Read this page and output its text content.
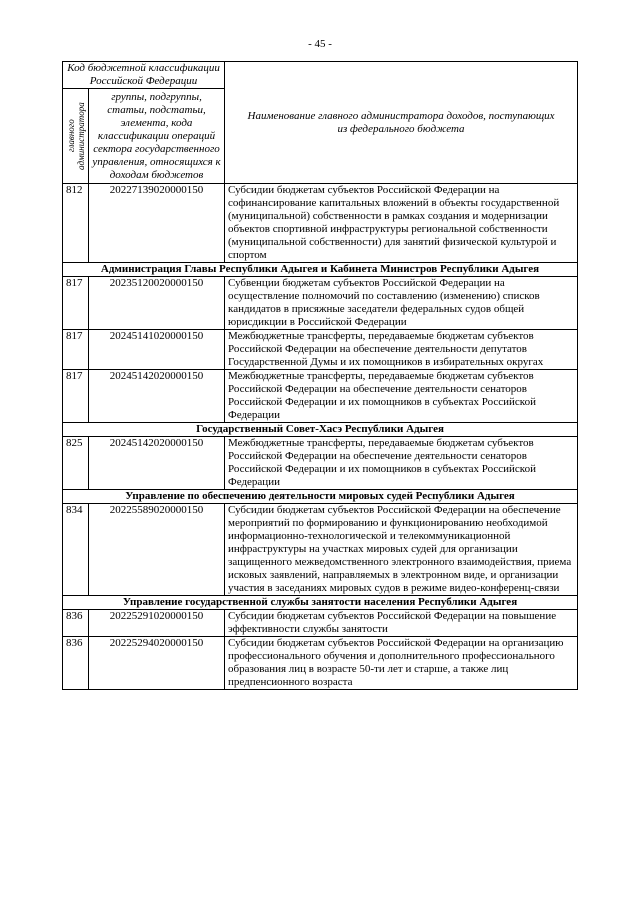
- 45 -
Код бюджетной классификации Российской Федерации		Наименование главного администратора доходов, поступающих из федерального бюджета

главного администратора	группы, подгруппы, статьи, подстатьи, элемента, кода классификации операций сектора государственного управления, относящихся к доходам бюджетов	
812	20227139020000150	Субсидии бюджетам субъектов Российской Федерации на софинансирование капитальных вложений в объекты государственной (муниципальной) собственности в рамках создания и модернизации объектов спортивной инфраструктуры региональной собственности (муниципальной собственности) для занятий физической культурой и спортом
Администрация Главы Республики Адыгея и Кабинета Министров Республики Адыгея		
817	20235120020000150	Субвенции бюджетам субъектов Российской Федерации на осуществление полномочий по составлению (изменению) списков кандидатов в присяжные заседатели федеральных судов общей юрисдикции в Российской Федерации
817	20245141020000150	Межбюджетные трансферты, передаваемые бюджетам субъектов Российской Федерации на обеспечение деятельности депутатов Государственной Думы и их помощников в избирательных округах
817	20245142020000150	Межбюджетные трансферты, передаваемые бюджетам субъектов Российской Федерации на обеспечение деятельности сенаторов Российской Федерации и их помощников в субъектах Российской Федерации
Государственный Совет-Хасэ Республики Адыгея		
825	20245142020000150	Межбюджетные трансферты, передаваемые бюджетам субъектов Российской Федерации на обеспечение деятельности сенаторов Российской Федерации и их помощников в субъектах Российской Федерации
Управление по обеспечению деятельности мировых судей Республики Адыгея		
834	20225589020000150	Субсидии бюджетам субъектов Российской Федерации на обеспечение мероприятий по формированию и функционированию необходимой информационно-технологической и телекоммуникационной инфраструктуры на участках мировых судей для организации защищенного межведомственного электронного взаимодействия, приема исковых заявлений, направляемых в электронном виде, и организации участия в заседаниях мировых судов в режиме видео-конференц-связи
Управление государственной службы занятости населения Республики Адыгея		
836	20225291020000150	Субсидии бюджетам субъектов Российской Федерации на повышение эффективности службы занятости
836	20225294020000150	Субсидии бюджетам субъектов Российской Федерации на организацию профессионального обучения и дополнительного профессионального образования лиц в возрасте 50-ти лет и старше, а также лиц предпенсионного возраста
